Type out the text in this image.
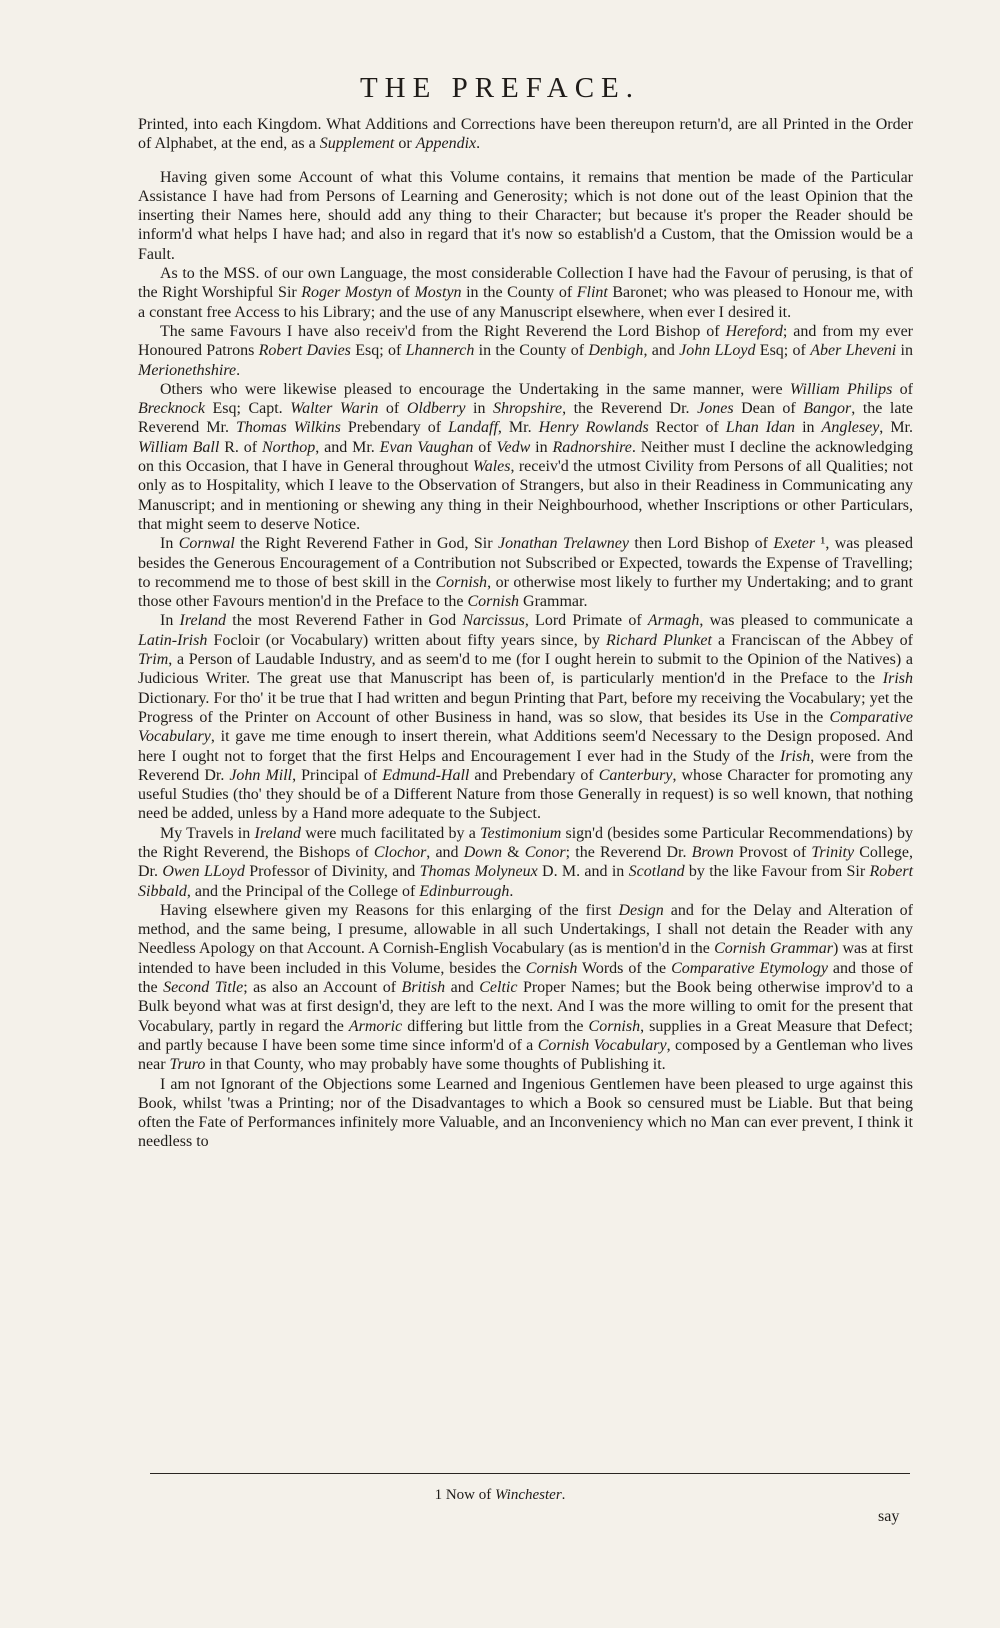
THE PREFACE.

Printed, into each Kingdom. What Additions and Corrections have been thereupon return'd, are all Printed in the Order of Alphabet, at the end, as a Supplement or Appendix.

Having given some Account of what this Volume contains, it remains that mention be made of the Particular Assistance I have had from Persons of Learning and Generosity; which is not done out of the least Opinion that the inserting their Names here, should add any thing to their Character; but because it's proper the Reader should be inform'd what helps I have had; and also in regard that it's now so establish'd a Custom, that the Omission would be a Fault.

As to the MSS. of our own Language, the most considerable Collection I have had the Favour of perusing, is that of the Right Worshipful Sir Roger Mostyn of Mostyn in the County of Flint Baronet; who was pleased to Honour me, with a constant free Access to his Library; and the use of any Manuscript elsewhere, when ever I desired it.

The same Favours I have also receiv'd from the Right Reverend the Lord Bishop of Hereford; and from my ever Honoured Patrons Robert Davies Esq; of Lhannerch in the County of Denbigh, and John LLoyd Esq; of Aber Lheveni in Merionethshire.

Others who were likewise pleased to encourage the Undertaking in the same manner, were William Philips of Brecknock Esq; Capt. Walter Warin of Oldberry in Shropshire, the Reverend Dr. Jones Dean of Bangor, the late Reverend Mr. Thomas Wilkins Prebendary of Landaff, Mr. Henry Rowlands Rector of Lhan Idan in Anglesey, Mr. William Ball R. of Northop, and Mr. Evan Vaughan of Vedw in Radnorshire. Neither must I decline the acknowledging on this Occasion, that I have in General throughout Wales, receiv'd the utmost Civility from Persons of all Qualities; not only as to Hospitality, which I leave to the Observation of Strangers, but also in their Readiness in Communicating any Manuscript; and in mentioning or shewing any thing in their Neighbourhood, whether Inscriptions or other Particulars, that might seem to deserve Notice.

In Cornwal the Right Reverend Father in God, Sir Jonathan Trelawney then Lord Bishop of Exeter ¹, was pleased besides the Generous Encouragement of a Contribution not Subscribed or Expected, towards the Expense of Travelling; to recommend me to those of best skill in the Cornish, or otherwise most likely to further my Undertaking; and to grant those other Favours mention'd in the Preface to the Cornish Grammar.

In Ireland the most Reverend Father in God Narcissus, Lord Primate of Armagh, was pleased to communicate a Latin-Irish Focloir (or Vocabulary) written about fifty years since, by Richard Plunket a Franciscan of the Abbey of Trim, a Person of Laudable Industry, and as seem'd to me (for I ought herein to submit to the Opinion of the Natives) a Judicious Writer. The great use that Manuscript has been of, is particularly mention'd in the Preface to the Irish Dictionary. For tho' it be true that I had written and begun Printing that Part, before my receiving the Vocabulary; yet the Progress of the Printer on Account of other Business in hand, was so slow, that besides its Use in the Comparative Vocabulary, it gave me time enough to insert therein, what Additions seem'd Necessary to the Design proposed. And here I ought not to forget that the first Helps and Encouragement I ever had in the Study of the Irish, were from the Reverend Dr. John Mill, Principal of Edmund-Hall and Prebendary of Canterbury, whose Character for promoting any useful Studies (tho' they should be of a Different Nature from those Generally in request) is so well known, that nothing need be added, unless by a Hand more adequate to the Subject.

My Travels in Ireland were much facilitated by a Testimonium sign'd (besides some Particular Recommendations) by the Right Reverend, the Bishops of Clochor, and Down & Conor; the Reverend Dr. Brown Provost of Trinity College, Dr. Owen LLoyd Professor of Divinity, and Thomas Molyneux D. M. and in Scotland by the like Favour from Sir Robert Sibbald, and the Principal of the College of Edinburrough.

Having elsewhere given my Reasons for this enlarging of the first Design and for the Delay and Alteration of method, and the same being, I presume, allowable in all such Undertakings, I shall not detain the Reader with any Needless Apology on that Account. A Cornish-English Vocabulary (as is mention'd in the Cornish Grammar) was at first intended to have been included in this Volume, besides the Cornish Words of the Comparative Etymology and those of the Second Title; as also an Account of British and Celtic Proper Names; but the Book being otherwise improv'd to a Bulk beyond what was at first design'd, they are left to the next. And I was the more willing to omit for the present that Vocabulary, partly in regard the Armoric differing but little from the Cornish, supplies in a Great Measure that Defect; and partly because I have been some time since inform'd of a Cornish Vocabulary, composed by a Gentleman who lives near Truro in that County, who may probably have some thoughts of Publishing it.

I am not Ignorant of the Objections some Learned and Ingenious Gentlemen have been pleased to urge against this Book, whilst 'twas a Printing; nor of the Disadvantages to which a Book so censured must be Liable. But that being often the Fate of Performances infinitely more Valuable, and an Inconveniency which no Man can ever prevent, I think it needless to

1 Now of Winchester.
say
